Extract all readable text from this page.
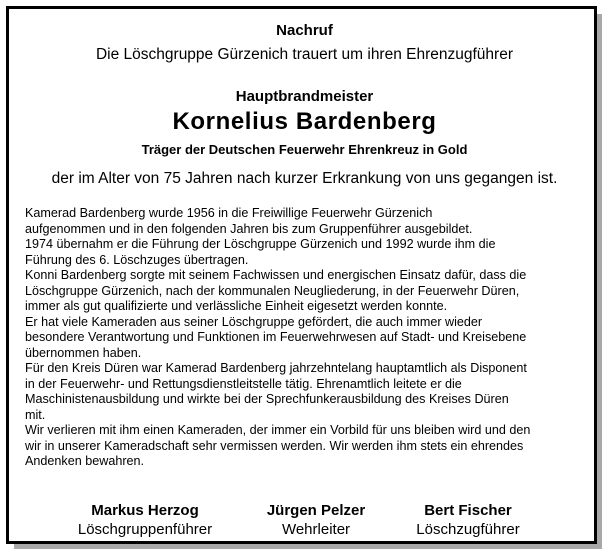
Nachruf
Die Löschgruppe Gürzenich trauert um ihren Ehrenzugführer
Hauptbrandmeister
Kornelius Bardenberg
Träger der Deutschen Feuerwehr Ehrenkreuz in Gold
der im Alter von 75 Jahren nach kurzer Erkrankung von uns gegangen ist.
Kamerad Bardenberg wurde 1956 in die Freiwillige Feuerwehr Gürzenich
aufgenommen und in den folgenden Jahren bis zum Gruppenführer ausgebildet.
1974 übernahm er die Führung der Löschgruppe Gürzenich und 1992 wurde ihm die
Führung des 6. Löschzuges übertragen.
Konni Bardenberg sorgte mit seinem Fachwissen und energischen Einsatz dafür, dass die
Löschgruppe Gürzenich, nach der kommunalen Neugliederung, in der Feuerwehr Düren,
immer als gut qualifizierte und verlässliche Einheit eigesetzt werden konnte.
Er hat viele Kameraden aus seiner Löschgruppe gefördert, die auch immer wieder
besondere Verantwortung und Funktionen im Feuerwehrwesen auf Stadt- und Kreisebene
übernommen haben.
Für den Kreis Düren war Kamerad Bardenberg jahrzehntelang hauptamtlich als Disponent
in der Feuerwehr- und Rettungsdienstleitstelle tätig. Ehrenamtlich leitete er die
Maschinistenausbildung und wirkte bei der Sprechfunkerausbildung des Kreises Düren
mit.
Wir verlieren mit ihm einen Kameraden, der immer ein Vorbild für uns bleiben wird und den
wir in unserer Kameradschaft sehr vermissen werden. Wir werden ihm stets ein ehrendes
Andenken bewahren.
Markus Herzog
Löschgruppenführer
Jürgen Pelzer
Wehrleiter
Bert Fischer
Löschzugführer
